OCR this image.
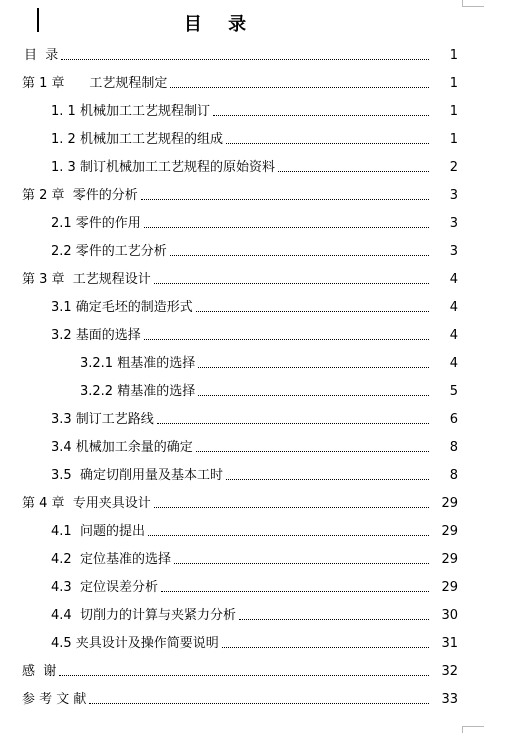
目 录
目  录	1
第 1 章      工艺规程制定	1
1. 1 机械加工工艺规程制订	1
1. 2 机械加工工艺规程的组成	1
1. 3 制订机械加工工艺规程的原始资料	2
第 2 章  零件的分析	3
2.1 零件的作用	3
2.2 零件的工艺分析	3
第 3 章  工艺规程设计	4
3.1 确定毛坯的制造形式	4
3.2 基面的选择	4
3.2.1 粗基准的选择	4
3.2.2 精基准的选择	5
3.3 制订工艺路线	6
3.4 机械加工余量的确定	8
3.5  确定切削用量及基本工时	8
第 4 章  专用夹具设计	29
4.1  问题的提出	29
4.2  定位基准的选择	29
4.3  定位误差分析	29
4.4  切削力的计算与夹紧力分析	30
4.5 夹具设计及操作简要说明	31
感  谢	32
参 考 文 献	33
